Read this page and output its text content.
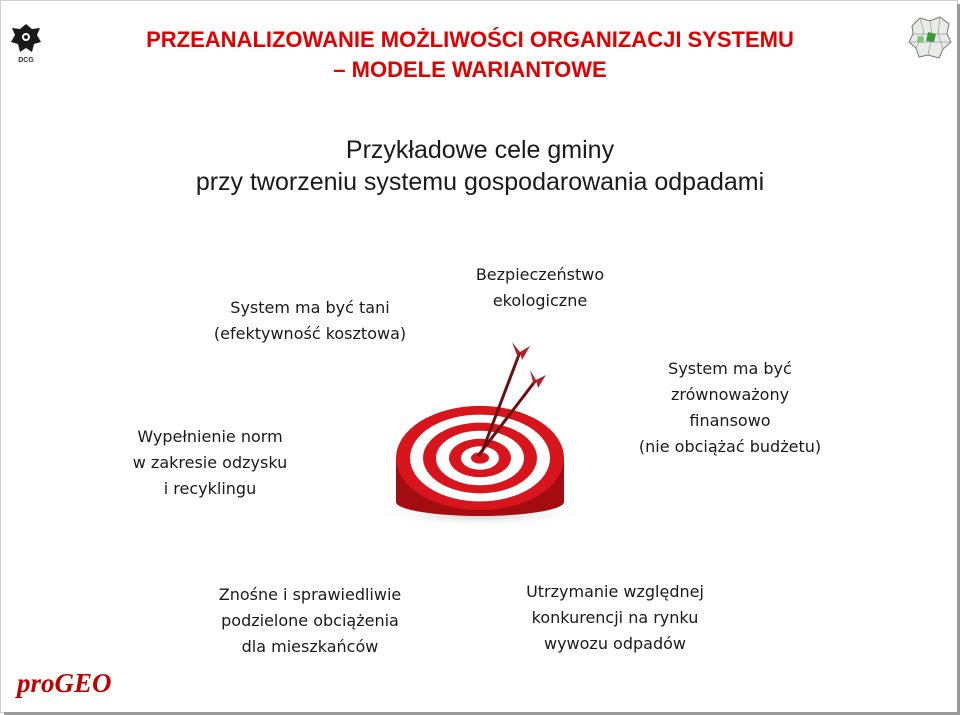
DCG
PRZEANALIZOWANIE MOŻLIWOŚCI ORGANIZACJI SYSTEMU
– MODELE WARIANTOWE
Przykładowe cele gminy
przy tworzeniu systemu gospodarowania odpadami
System ma być tani
(efektywność kosztowa)
Bezpieczeństwo
ekologiczne
Wypełnienie norm
w zakresie odzysku
i recyklingu
System ma być
zrównoważony
finansowo
(nie obciążać budżetu)
Znośne i sprawiedliwie
podzielone obciążenia
dla mieszkańców
Utrzymanie względnej
konkurencji na rynku
wywozu odpadów
proGEO
